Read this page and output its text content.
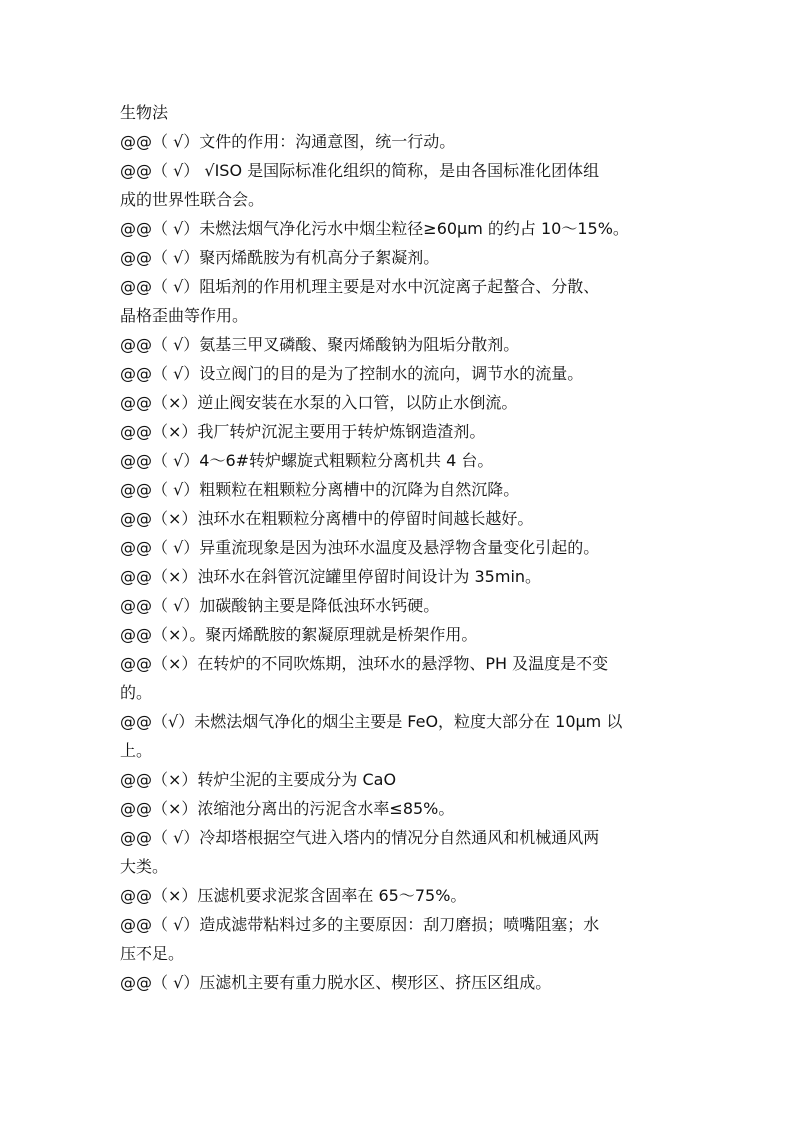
生物法
@@（ √）文件的作用：沟通意图，统一行动。
@@（ √） √ISO 是国际标准化组织的简称，是由各国标准化团体组
成的世界性联合会。
@@（ √）未燃法烟气净化污水中烟尘粒径≥60μm 的约占 10～15%。
@@（ √）聚丙烯酰胺为有机高分子絮凝剂。
@@（ √）阻垢剂的作用机理主要是对水中沉淀离子起螯合、分散、
晶格歪曲等作用。
@@（ √）氨基三甲叉磷酸、聚丙烯酸钠为阻垢分散剂。
@@（ √）设立阀门的目的是为了控制水的流向，调节水的流量。
@@（×）逆止阀安装在水泵的入口管，以防止水倒流。
@@（×）我厂转炉沉泥主要用于转炉炼钢造渣剂。
@@（ √）4～6#转炉螺旋式粗颗粒分离机共 4 台。
@@（ √）粗颗粒在粗颗粒分离槽中的沉降为自然沉降。
@@（×）浊环水在粗颗粒分离槽中的停留时间越长越好。
@@（ √）异重流现象是因为浊环水温度及悬浮物含量变化引起的。
@@（×）浊环水在斜管沉淀罐里停留时间设计为 35min。
@@（ √）加碳酸钠主要是降低浊环水钙硬。
@@（×）。聚丙烯酰胺的絮凝原理就是桥架作用。
@@（×）在转炉的不同吹炼期，浊环水的悬浮物、PH 及温度是不变
的。
@@（√）未燃法烟气净化的烟尘主要是 FeO，粒度大部分在 10μm 以
上。
@@（×）转炉尘泥的主要成分为 CaO
@@（×）浓缩池分离出的污泥含水率≤85%。
@@（ √）冷却塔根据空气进入塔内的情况分自然通风和机械通风两
大类。
@@（×）压滤机要求泥浆含固率在 65～75%。
@@（ √）造成滤带粘料过多的主要原因：刮刀磨损；喷嘴阻塞；水
压不足。
@@（ √）压滤机主要有重力脱水区、楔形区、挤压区组成。
